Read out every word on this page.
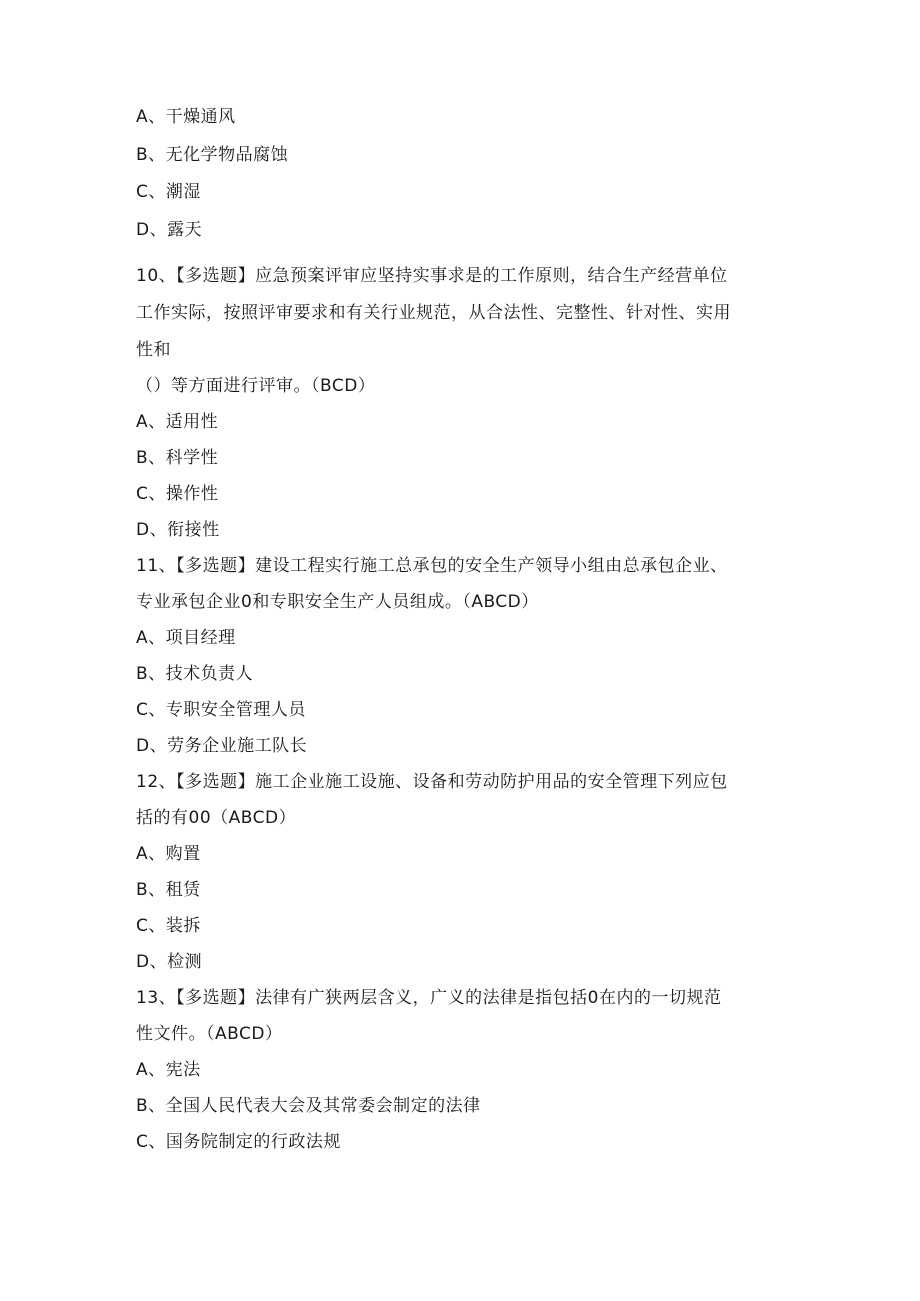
A、干燥通风
B、无化学物品腐蚀
C、潮湿
D、露天
10、【多选题】应急预案评审应坚持实事求是的工作原则，结合生产经营单位
工作实际，按照评审要求和有关行业规范，从合法性、完整性、针对性、实用
性和
（）等方面进行评审。（BCD）
A、适用性
B、科学性
C、操作性
D、衔接性
11、【多选题】建设工程实行施工总承包的安全生产领导小组由总承包企业、
专业承包企业0和专职安全生产人员组成。（ABCD）
A、项目经理
B、技术负责人
C、专职安全管理人员
D、劳务企业施工队长
12、【多选题】施工企业施工设施、设备和劳动防护用品的安全管理下列应包
括的有00（ABCD）
A、购置
B、租赁
C、装拆
D、检测
13、【多选题】法律有广狭两层含义，广义的法律是指包括0在内的一切规范
性文件。（ABCD）
A、宪法
B、全国人民代表大会及其常委会制定的法律
C、国务院制定的行政法规
